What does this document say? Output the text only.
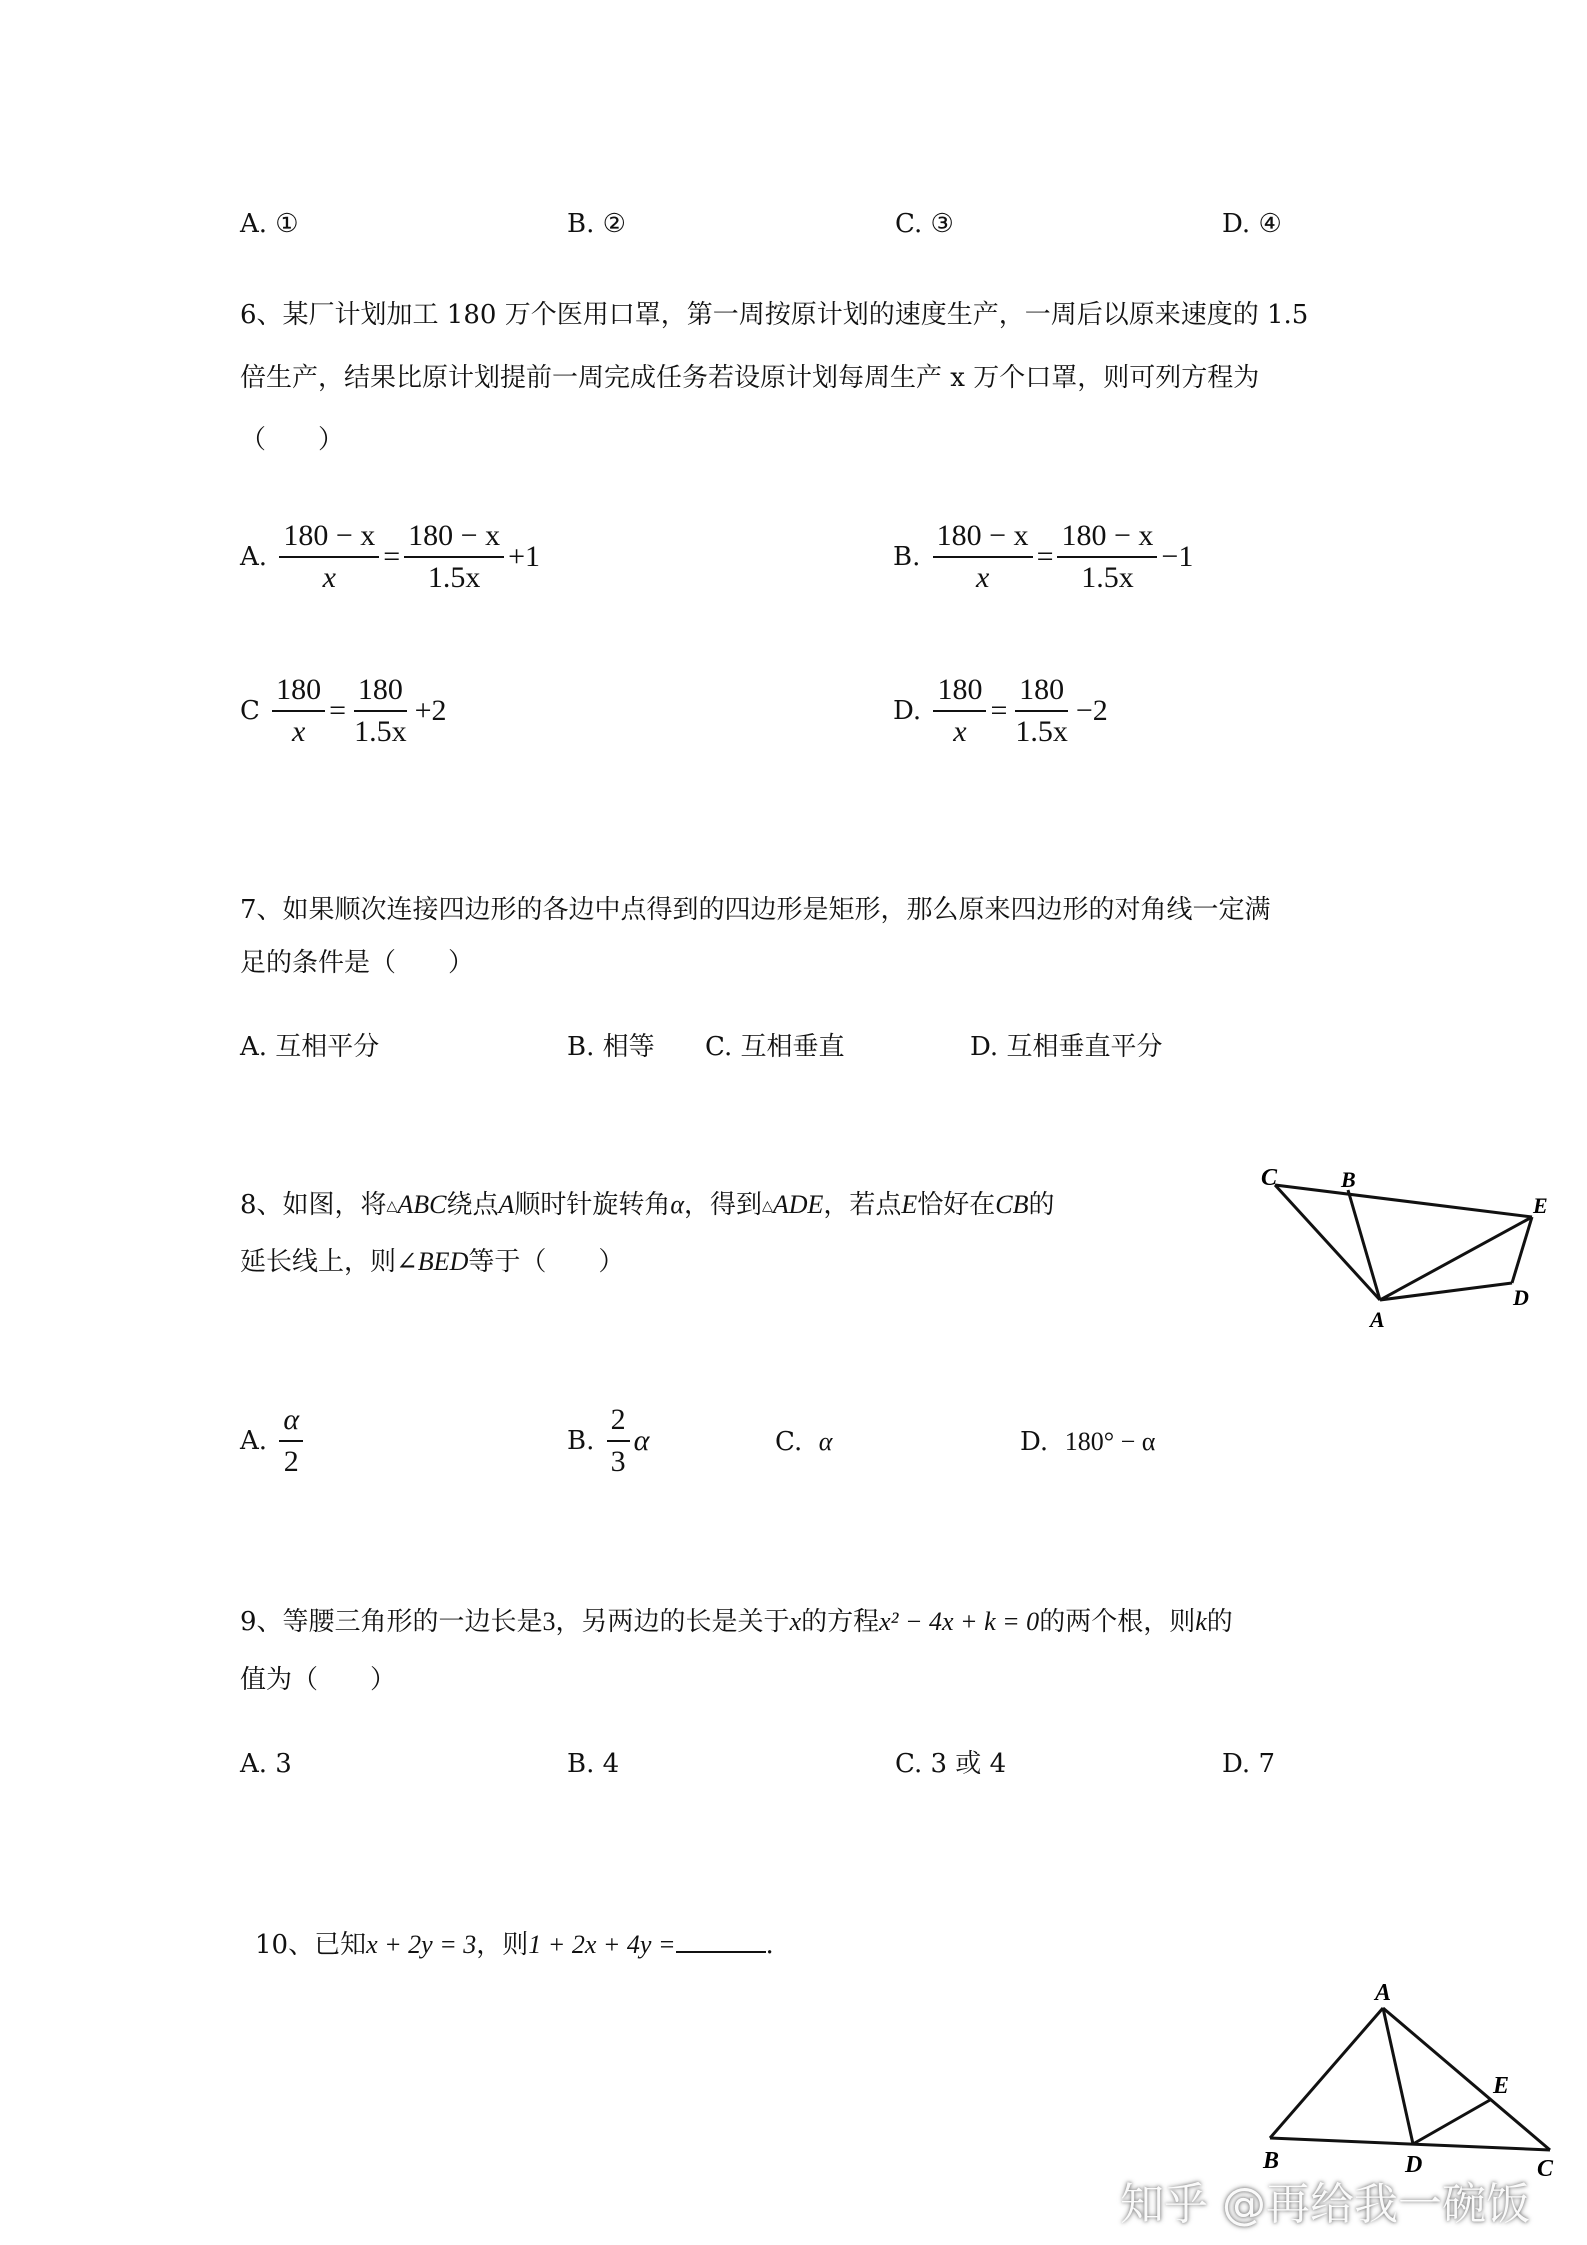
A. ①	B. ②	C. ③	D. ④
6、某厂计划加工 180 万个医用口罩，第一周按原计划的速度生产，一周后以原来速度的 1.5
倍生产，结果比原计划提前一周完成任务若设原计划每周生产 x 万个口罩，则可列方程为
（　　）
A. $\frac{180 - x}{x} = \frac{180 - x}{1.5x} +1$	B. $\frac{180 - x}{x} = \frac{180 - x}{1.5x} -1$
C $\frac{180}{x} = \frac{180}{1.5x} +2$	D. $\frac{180}{x} = \frac{180}{1.5x} -2$
7、如果顺次连接四边形的各边中点得到的四边形是矩形，那么原来四边形的对角线一定满
足的条件是（　　）
A. 互相平分	B. 相等 C. 互相垂直	D. 互相垂直平分
8、如图，将△ABC绕点A顺时针旋转角α，得到△ADE，若点E恰好在CB的
延长线上，则∠BED等于（　　）
C	B
E
A
D
A. $\frac{\alpha}{2}$	B. $\frac{2}{3}$ α	C. α	D. 180° − α
9、等腰三角形的一边长是3，另两边的长是关于x的方程x² − 4x + k = 0的两个根，则k的
值为（　　）
A. 3	B. 4	C. 3 或 4	D. 7
10、已知x + 2y = 3，则1 + 2x + 4y =	.
A
E
B	D	C
知乎 @再给我一碗饭
